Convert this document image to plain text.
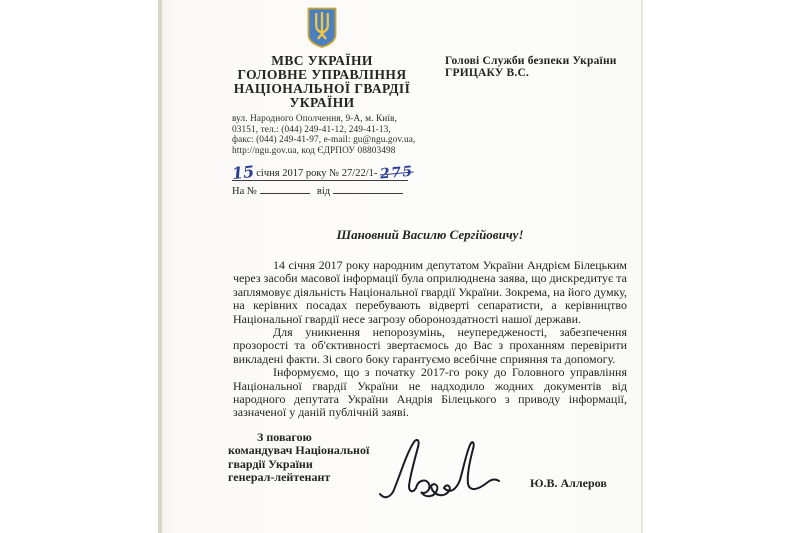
МВС УКРАЇНИ
ГОЛОВНЕ УПРАВЛІННЯ
НАЦІОНАЛЬНОЇ ГВАРДІЇ
УКРАЇНИ
вул. Народного Ополчення, 9-А, м. Київ,
03151, тел.: (044) 249-41-12, 249-41-13,
факс: (044) 249-41-97, e-mail: gu@ngu.gov.ua,
http://ngu.gov.ua, код ЄДРПОУ 08803498
15 січня 2017 року № 27/22/1- 275
На №	від
Голові Служби безпеки України
ГРИЦАКУ В.С.
Шановний Василю Сергійовичу!

14 січня 2017 року народним депутатом України Андрієм Білецьким через засоби масової інформації була оприлюднена заява, що дискредитує та заплямовує діяльність Національної гвардії України. Зокрема, на його думку, на керівних посадах перебувають відверті сепаратисти, а керівництво Національної гвардії несе загрозу обороноздатності нашої держави.

Для уникнення непорозумінь, неупередженості, забезпечення прозорості та об'єктивності звертаємось до Вас з проханням перевірити викладені факти. Зі свого боку гарантуємо всебічне сприяння та допомогу.

Інформуємо, що з початку 2017-го року до Головного управління Національної гвардії України не надходило жодних документів від народного депутата України Андрія Білецького з приводу інформації, зазначеної у даній публічній заяві.

З повагою
командувач Національної
гвардії України
генерал-лейтенант	Ю.В. Аллеров
